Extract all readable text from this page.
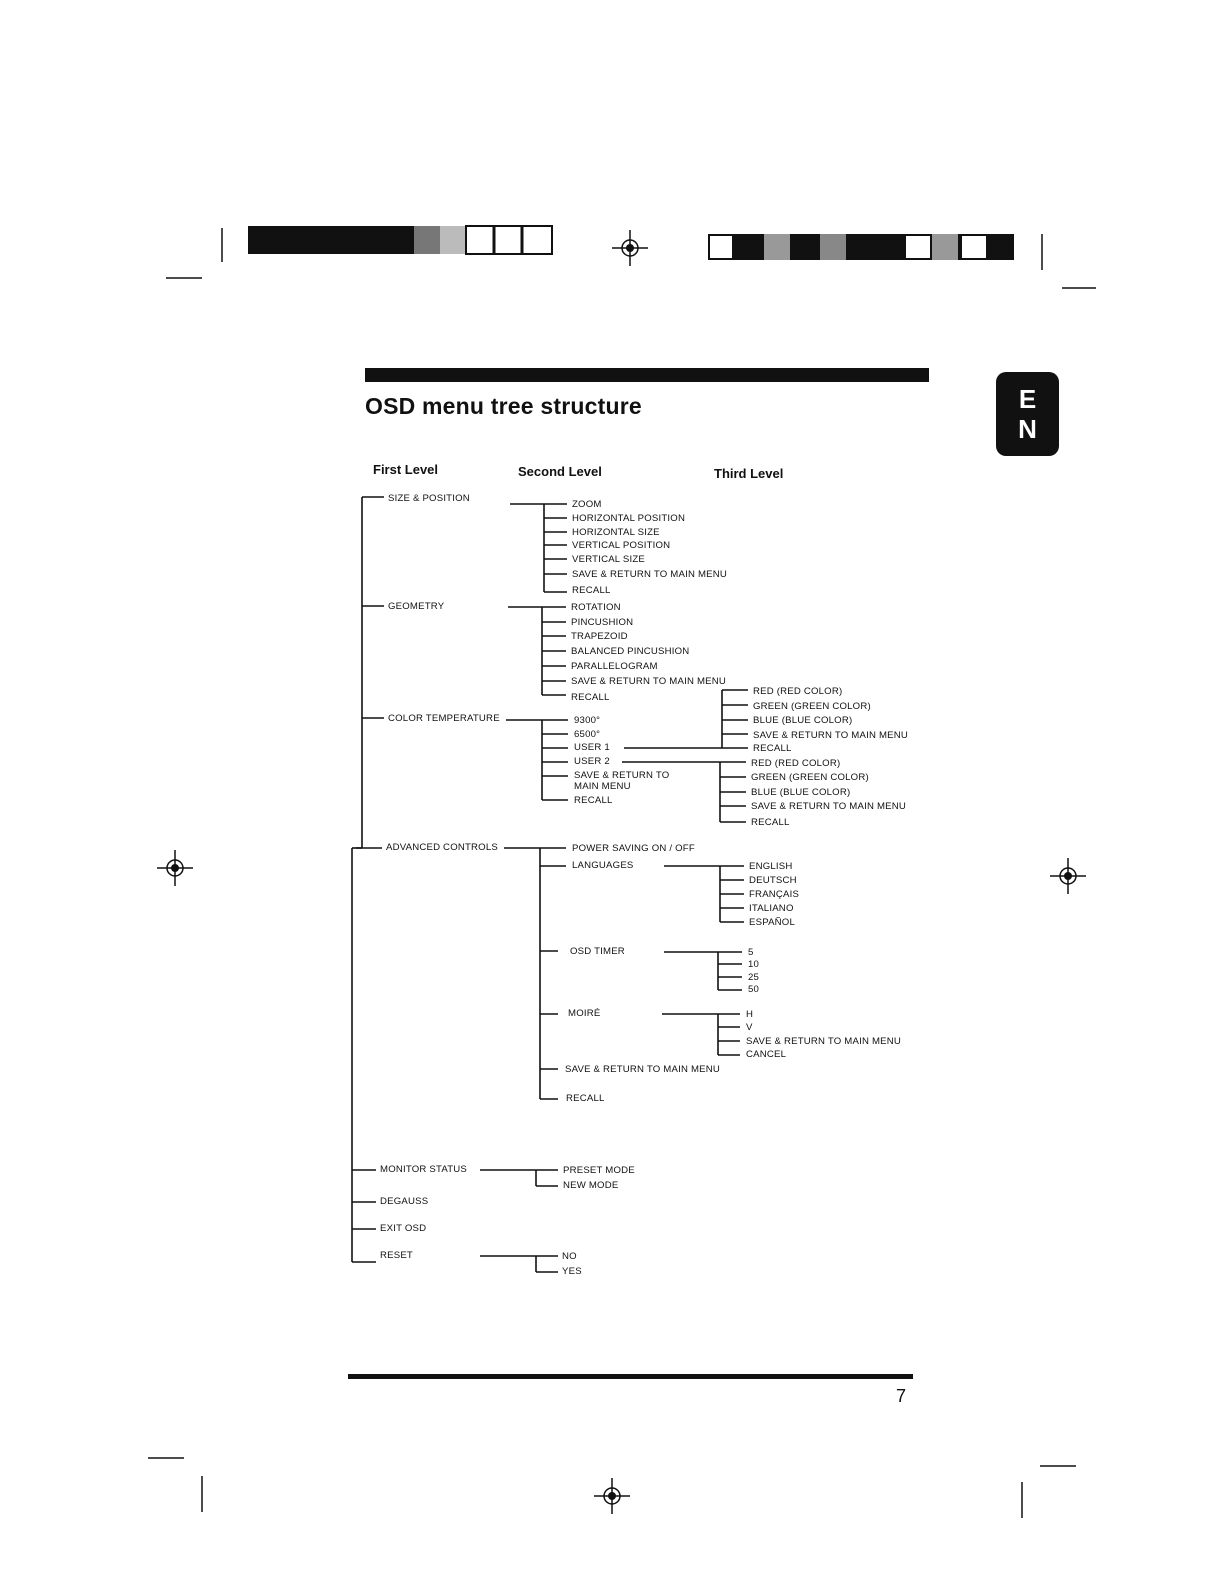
OSD menu tree structure	E
N
First Level	Second Level	Third Level
SIZE & POSITION
GEOMETRY
COLOR TEMPERATURE
ADVANCED CONTROLS
MONITOR STATUS
DEGAUSS
EXIT OSD
RESET
ZOOM
HORIZONTAL POSITION
HORIZONTAL SIZE
VERTICAL POSITION
VERTICAL SIZE
SAVE & RETURN TO MAIN MENU
RECALL
ROTATION
PINCUSHION
TRAPEZOID
BALANCED PINCUSHION
PARALLELOGRAM
SAVE & RETURN TO MAIN MENU
RECALL
9300°
6500°
USER 1
USER 2
SAVE & RETURN TO
MAIN MENU
RECALL
RED (RED COLOR)
GREEN (GREEN COLOR)
BLUE (BLUE COLOR)
SAVE & RETURN TO MAIN MENU
RECALL
RED (RED COLOR)
GREEN (GREEN COLOR)
BLUE (BLUE COLOR)
SAVE & RETURN TO MAIN MENU
RECALL
POWER SAVING ON / OFF
LANGUAGES
OSD TIMER
MOIRÉ
SAVE & RETURN TO MAIN MENU
RECALL
ENGLISH
DEUTSCH
FRANÇAIS
ITALIANO
ESPAÑOL
5
10
25
50
H
V
SAVE & RETURN TO MAIN MENU
CANCEL
PRESET MODE
NEW MODE
NO
YES
7
